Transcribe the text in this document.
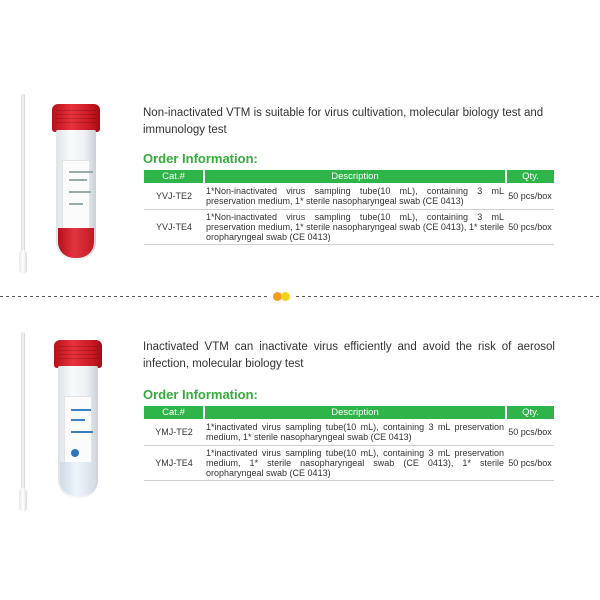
Non-inactivated VTM is suitable for virus cultivation, molecular biology test and immunology test
Order Information:
Cat.#	Description	Qty.
YVJ-TE2	1*Non-inactivated virus sampling tube(10 mL), containing 3 mL preservation medium, 1* sterile nasopharyngeal swab (CE 0413)	50 pcs/box
YVJ-TE4	1*Non-inactivated virus sampling tube(10 mL), containing 3 mL preservation medium, 1* sterile nasopharyngeal swab (CE 0413), 1* sterile oropharyngeal swab (CE 0413)	50 pcs/box
Inactivated VTM can inactivate virus efficiently and avoid the risk of aerosol infection, molecular biology test
Order Information:
Cat.#	Description	Qty.
YMJ-TE2	1*inactivated virus sampling tube(10 mL), containing 3 mL preservation medium, 1* sterile nasopharyngeal swab (CE 0413)	50 pcs/box
YMJ-TE4	1*inactivated virus sampling tube(10 mL), containing 3 mL preservation medium, 1* sterile nasopharyngeal swab (CE 0413), 1* sterile oropharyngeal swab (CE 0413)	50 pcs/box
